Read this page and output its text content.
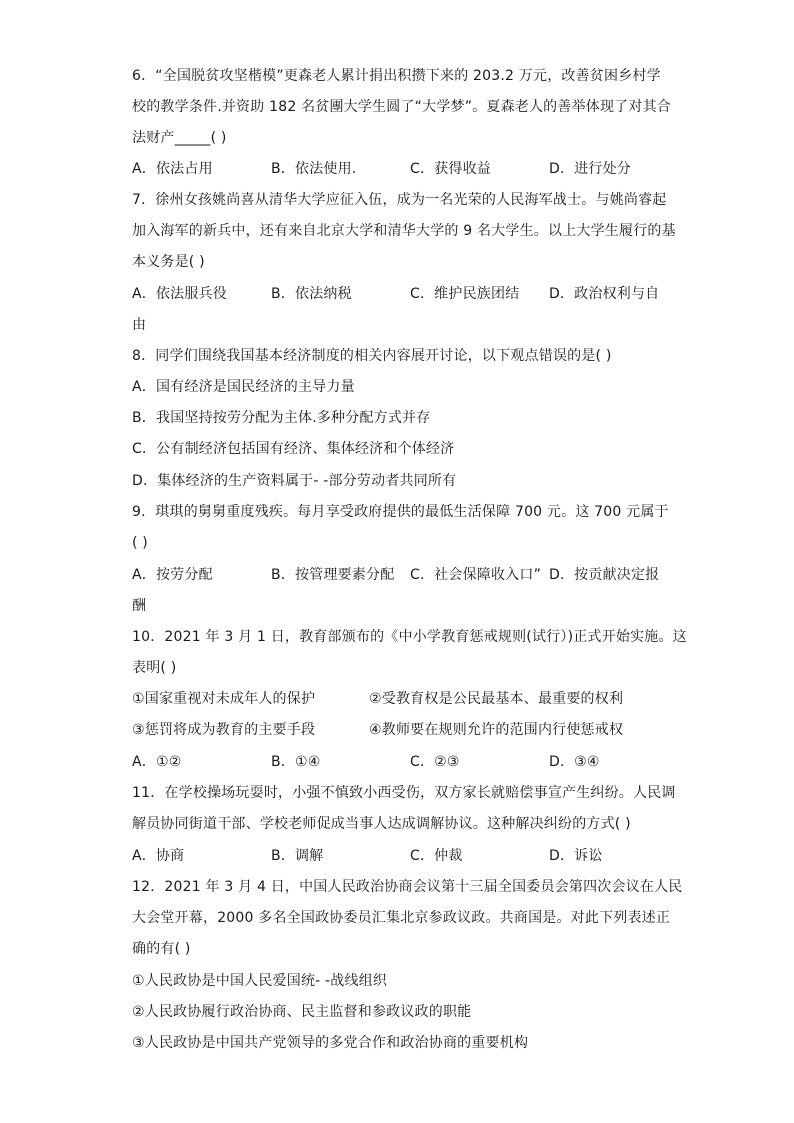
6．“全国脱贫攻坚楷模”更森老人累计捐出积攒下来的 203.2 万元，改善贫困乡村学
校的教学条件.并资助 182 名贫團大学生圆了“大学梦”。夏森老人的善举体现了对其合
法财产_____( )
A．依法占用	B．依法使用.	C．获得收益	D．进行处分
7．徐州女孩姚尚喜从清华大学应征入伍，成为一名光荣的人民海军战士。与姚尚睿起
加入海军的新兵中，还有来自北京大学和清华大学的 9 名大学生。以上大学生履行的基
本义务是( )
A．依法服兵役	B．依法纳税	C．维护民族团结 D．政治权利与自
由
8．同学们围绕我国基本经济制度的相关内容展开讨论，以下观点错误的是( )
A．国有经济是国民经济的主导力量
B．我国坚持按劳分配为主体.多种分配方式并存
C．公有制经济包括国有经济、集体经济和个体经济
D．集体经济的生产资料属于- -部分劳动者共同所有
9．琪琪的舅舅重度残疾。每月享受政府提供的最低生活保障 700 元。这 700 元属于
( )
A．按劳分配	B．按管理要素分配 C．社会保障收入口” D．按贡献决定报
酬
10．2021 年 3 月 1 日，教育部颁布的《中小学教育惩戒规则(试行）)正式开始实施。这
表明( )
①国家重视对未成年人的保护	②受教育权是公民最基本、最重要的权利
③惩罚将成为教育的主要手段	④教师要在规则允许的范围内行使惩戒权
A．①②	B．①④	C．②③	D．③④
11．在学校操场玩耍时，小强不慎致小西受伤，双方家长就赔偿事宣产生纠纷。人民调
解员协同街道干部、学校老师促成当事人达成调解协议。这种解决纠纷的方式( )
A．协商	B．调解	C．仲裁	D．诉讼
12．2021 年 3 月 4 日，中国人民政治协商会议第十三届全国委员会第四次会议在人民
大会堂开幕，2000 多名全国政协委员汇集北京参政议政。共商国是。对此下列表述正
确的有( )
①人民政协是中国人民爱国统- -战线组织
②人民政协履行政治协商、民主监督和参政议政的职能
③人民政协是中国共产党领导的多党合作和政治协商的重要机构
